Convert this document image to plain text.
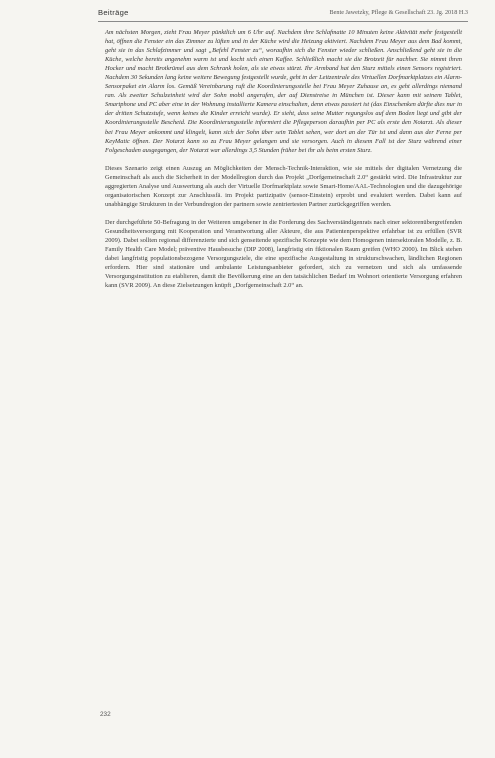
Beiträge	Bente Jawetzky, Pflege & Gesellschaft 23. Jg. 2018 H.3

Am nächsten Morgen, zieht Frau Meyer pünktlich um 6 Uhr auf. Nachdem ihre Schlafmatte 10 Minuten keine Aktivität mehr festgestellt hat, öffnen die Fenster ein das Zimmer zu lüften und in der Küche wird die Heizung aktiviert. Nachdem Frau Meyer aus dem Bad kommt, geht sie in das Schlafzimmer und sagt „Befehl Fenster zu“, woraufhin sich die Fenster wieder schließen. Anschließend geht sie in die Küche, welche bereits angenehm warm ist und kocht sich einen Kaffee. Schließlich macht sie die Brotzeit für nachher. Sie nimmt ihren Hocker und macht Brotkrümel aus dem Schrank holen, als sie etwas stürzt. Ihr Armband hat den Sturz mittels einen Sensors registriert. Nachdem 30 Sekunden lang keine weitere Bewegung festgestellt wurde, geht in der Leitzentrale des Virtuellen Dorfmarktplatzes ein Alarm-Sensorpaket ein Alarm los. Gemäß Vereinbarung ruft die Koordinierungsstelle bei Frau Meyer Zuhause an, es geht allerdings niemand ran. Als zweiter Schulzeinheit wird der Sohn mobil angerufen, der auf Dienstreise in München ist. Dieser kann mit seinem Tablet, Smartphone und PC aber eine in der Wohnung installierte Kamera einschalten, denn etwas passiert ist (das Einschenken dürfte dies nur in der dritten Schutzstufe, wenn keines die Kinder erreicht wurde). Er sieht, dass seine Mutter regungslos auf dem Boden liegt und gibt der Koordinierungsstelle Bescheid. Die Koordinierungsstelle informiert die Pflegeperson daraufhin per PC als erste den Notarzt. Als dieser bei Frau Meyer ankommt und klingelt, kann sich der Sohn über sein Tablet sehen, wer dort an der Tür ist und dann aus der Ferne per KeyMatic öffnen. Der Notarzt kann so zu Frau Meyer gelangen und sie versorgen. Auch in diesem Fall ist der Sturz während einer Folgeschaden ausgegangen, der Notarzt war allerdings 3,5 Stunden früher bei ihr als beim ersten Sturz.

Dieses Szenario zeigt einen Auszug an Möglichkeiten der Mensch-Technik-Interaktion, wie sie mittels der digitalen Vernetzung die Gemeinschaft als auch die Sicherheit in der Modellregion durch das Projekt „Dorfgemeinschaft 2.0“ gestärkt wird. Die Infrastruktur zur aggregierten Analyse und Auswertung als auch der Virtuelle Dorfmarktplatz sowie Smart-Home/AAL-Technologien und die dazugehörige organisatorischen Konzept zur Anschlussfä. im Projekt partizipativ (sensor-Einstein) erprobt und evaluiert werden. Dabei kann auf unabhängige Strukturen in der Verbundregion der partnern sowie zentriertesten Partner zurückgegriffen werden.

Der durchgeführte 50-Befragung in der Weiteren umgebener in die Forderung des Sachverständigenrats nach einer sektorenübergreifenden Gesundheitsversorgung mit Kooperation und Verantwortung aller Akteure, die aus Patientenperspektive erfahrbar ist zu erfüllen (SVR 2009). Dabei sollten regional differenzierte und sich genseitende spezifische Konzepte wie dem Homogenen intersektoralen Modelle, z. B. Family Health Care Model; präventive Hausbesuche (DIP 2008), langfristig ein fiktionalen Raum greifen (WHO 2000). Im Blick stehen dabei langfristig populationsbezogene Versorgungsziele, die eine spezifische Ausgestaltung in strukturschwachen, ländlichen Regionen erfordern. Hier sind stationäre und ambulante Leistungsanbieter gefordert, sich zu vernetzen und sich als umfassende Versorgungsinstitution zu etablieren, damit die Bevölkerung eine an den tatsächlichen Bedarf im Wohnort orientierte Versorgung erfahren kann (SVR 2009). An diese Zielsetzungen knüpft „Dorfgemeinschaft 2.0“ an.

232
